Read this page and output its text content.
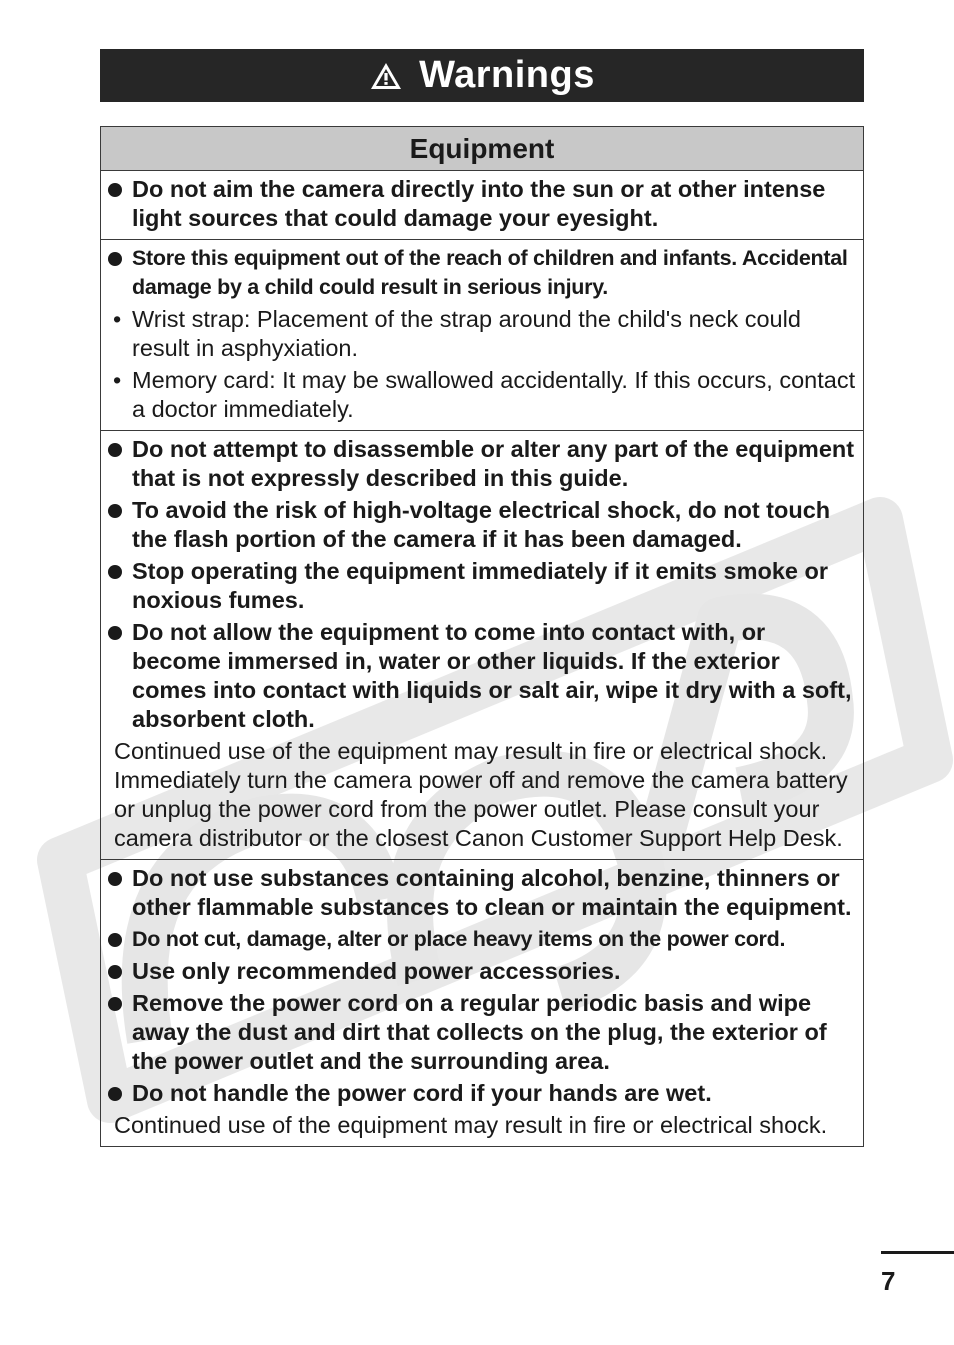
Warnings
Equipment
Do not aim the camera directly into the sun or at other intense light sources that could damage your eyesight.
Store this equipment out of the reach of children and infants. Accidental damage by a child could result in serious injury.
• Wrist strap: Placement of the strap around the child's neck could result in asphyxiation.
• Memory card: It may be swallowed accidentally. If this occurs, contact a doctor immediately.
Do not attempt to disassemble or alter any part of the equipment that is not expressly described in this guide.
To avoid the risk of high-voltage electrical shock, do not touch the flash portion of the camera if it has been damaged.
Stop operating the equipment immediately if it emits smoke or noxious fumes.
Do not allow the equipment to come into contact with, or become immersed in, water or other liquids. If the exterior comes into contact with liquids or salt air, wipe it dry with a soft, absorbent cloth.
Continued use of the equipment may result in fire or electrical shock. Immediately turn the camera power off and remove the camera battery or unplug the power cord from the power outlet. Please consult your camera distributor or the closest Canon Customer Support Help Desk.
Do not use substances containing alcohol, benzine, thinners or other flammable substances to clean or maintain the equipment.
Do not cut, damage, alter or place heavy items on the power cord.
Use only recommended power accessories.
Remove the power cord on a regular periodic basis and wipe away the dust and dirt that collects on the plug, the exterior of the power outlet and the surrounding area.
Do not handle the power cord if your hands are wet.
Continued use of the equipment may result in fire or electrical shock.
7
